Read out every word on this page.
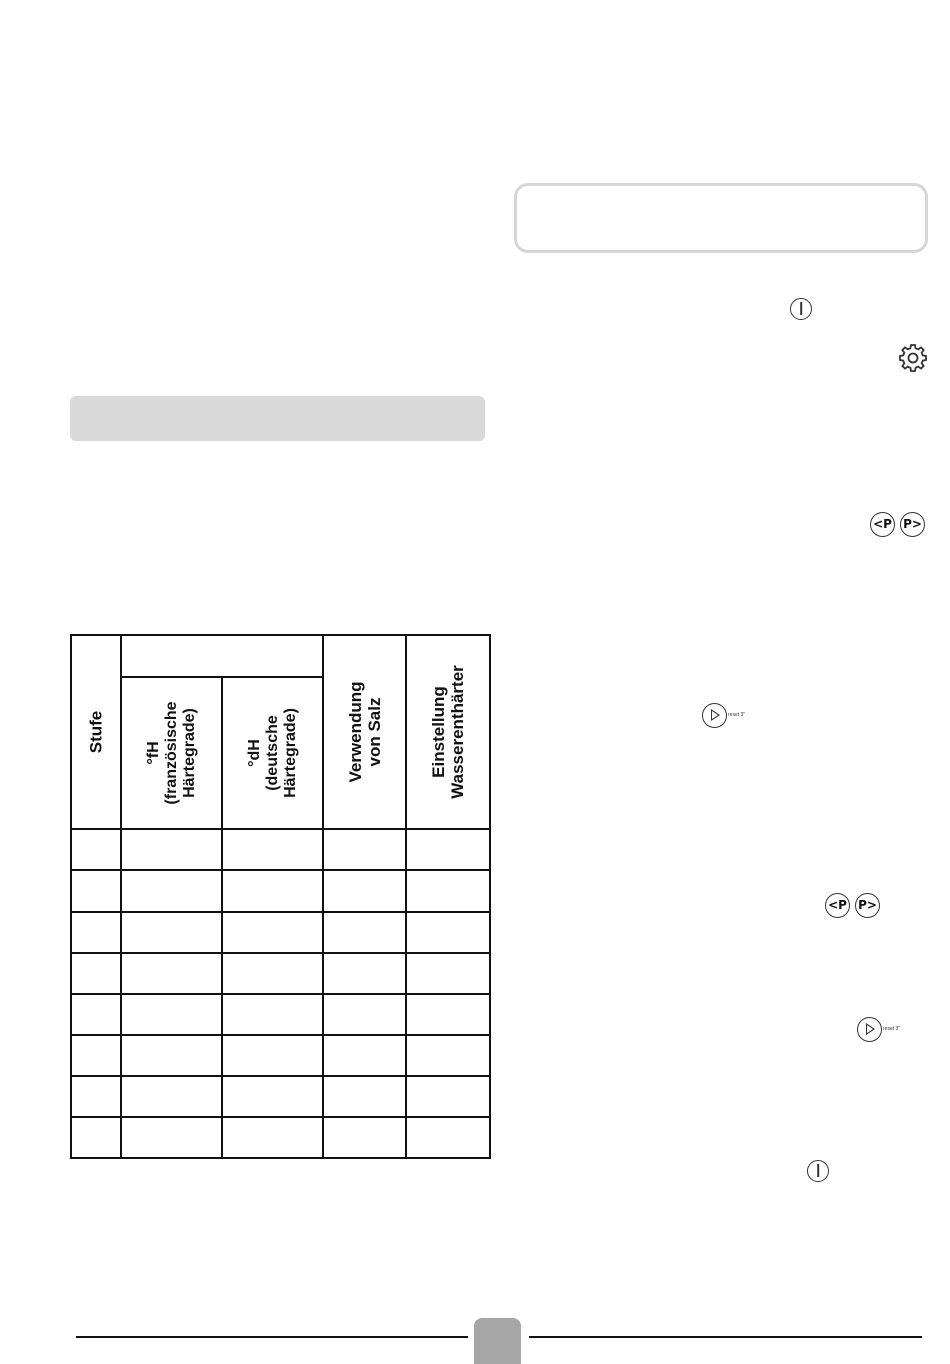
Stufe			Verwendung von Salz	Einstellung Wasserenthärter

	°fH (französische Härtegrade)	°dH (deutsche Härtegrade)		

<P P>
reset 3"
<P P>
reset 3"
